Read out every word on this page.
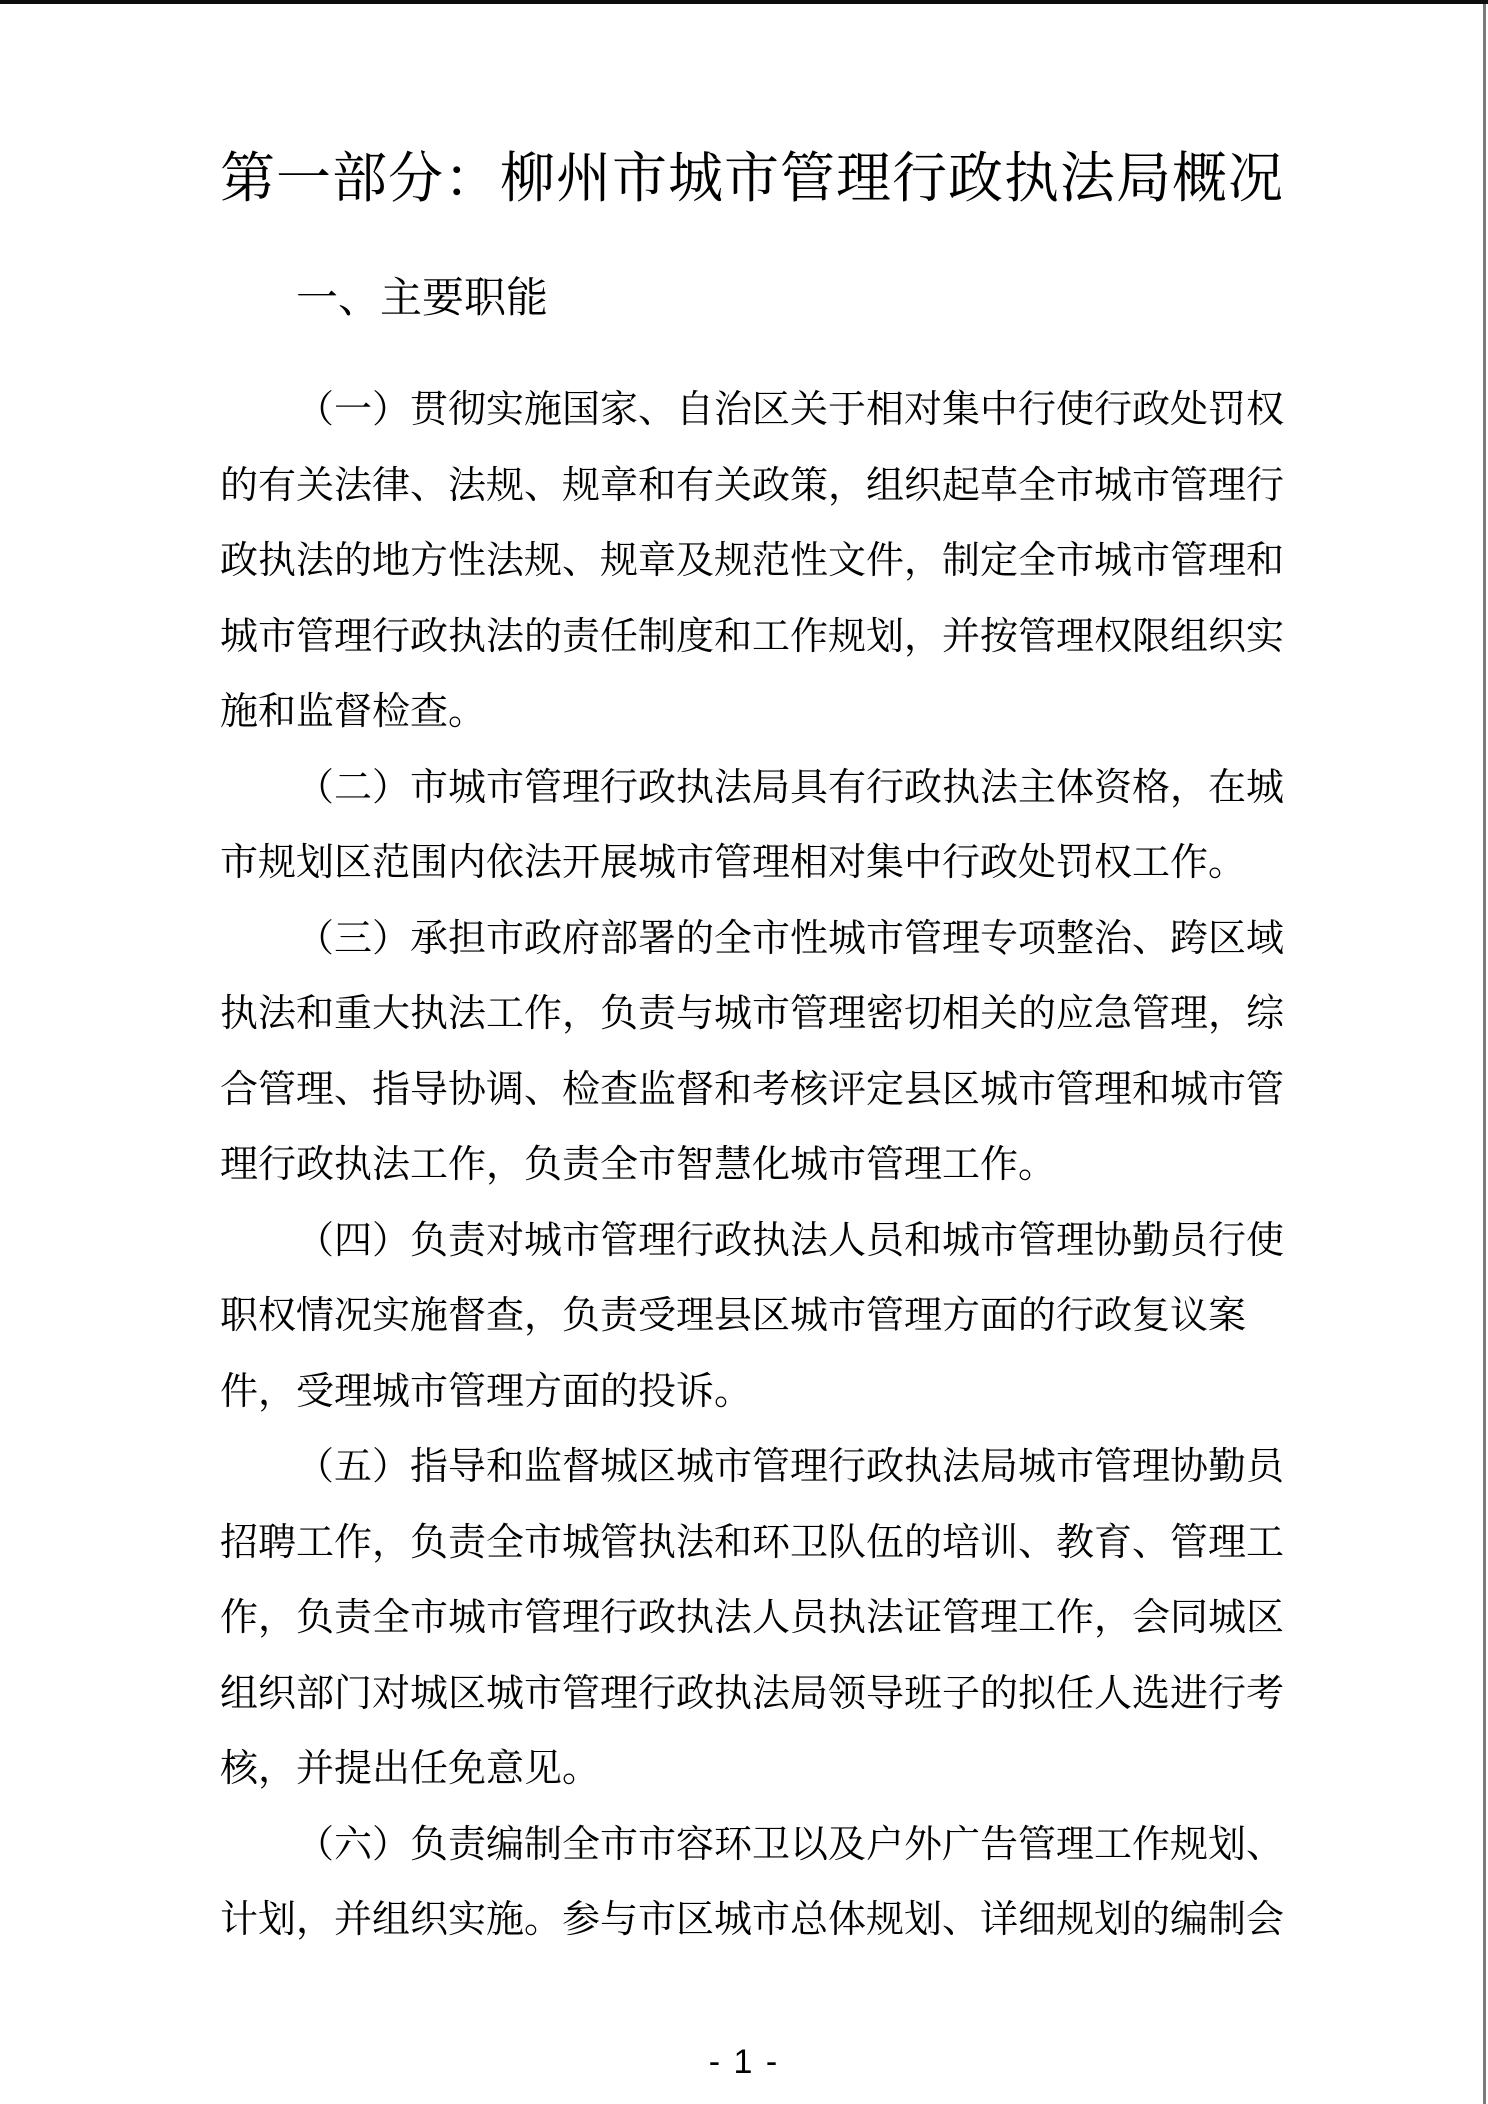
第一部分：柳州市城市管理行政执法局概况
一、主要职能
（一）贯彻实施国家、自治区关于相对集中行使行政处罚权
的有关法律、法规、规章和有关政策，组织起草全市城市管理行
政执法的地方性法规、规章及规范性文件，制定全市城市管理和
城市管理行政执法的责任制度和工作规划，并按管理权限组织实
施和监督检查。
（二）市城市管理行政执法局具有行政执法主体资格，在城
市规划区范围内依法开展城市管理相对集中行政处罚权工作。
（三）承担市政府部署的全市性城市管理专项整治、跨区域
执法和重大执法工作，负责与城市管理密切相关的应急管理，综
合管理、指导协调、检查监督和考核评定县区城市管理和城市管
理行政执法工作，负责全市智慧化城市管理工作。
（四）负责对城市管理行政执法人员和城市管理协勤员行使
职权情况实施督查，负责受理县区城市管理方面的行政复议案
件，受理城市管理方面的投诉。
（五）指导和监督城区城市管理行政执法局城市管理协勤员
招聘工作，负责全市城管执法和环卫队伍的培训、教育、管理工
作，负责全市城市管理行政执法人员执法证管理工作，会同城区
组织部门对城区城市管理行政执法局领导班子的拟任人选进行考
核，并提出任免意见。
（六）负责编制全市市容环卫以及户外广告管理工作规划、
计划，并组织实施。参与市区城市总体规划、详细规划的编制会
- 1 -
